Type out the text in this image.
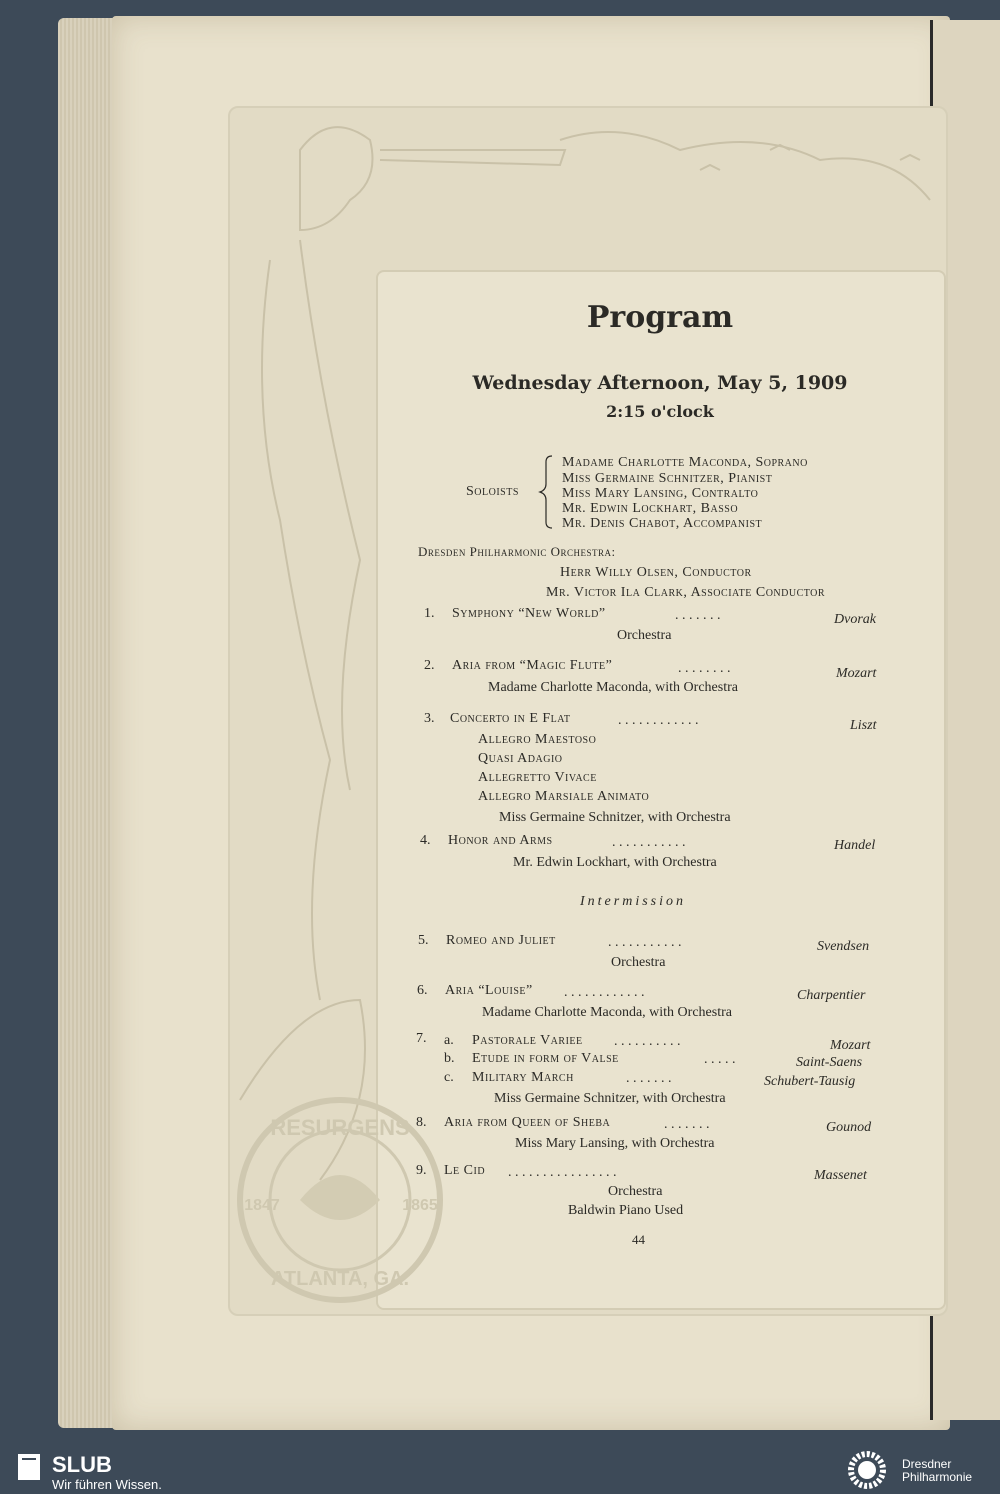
RESURGENS
ATLANTA, GA.
1847	1865
Program
Wednesday Afternoon, May 5, 1909
2:15 o'clock
Soloists
Madame Charlotte Maconda, Soprano
Miss Germaine Schnitzer, Pianist
Miss Mary Lansing, Contralto
Mr. Edwin Lockhart, Basso
Mr. Denis Chabot, Accompanist
Dresden Philharmonic Orchestra:
Herr Willy Olsen, Conductor
Mr. Victor Ila Clark, Associate Conductor
1. Symphony “New World”	. . . . . . .	Dvorak
Orchestra
2. Aria from “Magic Flute”	. . . . . . . .	Mozart
Madame Charlotte Maconda, with Orchestra
3. Concerto in E Flat	. . . . . . . . . . . .	Liszt
Allegro Maestoso
Quasi Adagio
Allegretto Vivace
Allegro Marsiale Animato
Miss Germaine Schnitzer, with Orchestra
4. Honor and Arms	. . . . . . . . . . .	Handel
Mr. Edwin Lockhart, with Orchestra
Intermission
5. Romeo and Juliet	. . . . . . . . . . .	Svendsen
Orchestra
6. Aria “Louise” . . . . . . . . . . . .	Charpentier
Madame Charlotte Maconda, with Orchestra
7. a. Pastorale Variee . . . . . . . . . .	Mozart
b. Etude in form of Valse	. . . . .	Saint-Saens
c. Military March	. . . . . . .	Schubert-Tausig
Miss Germaine Schnitzer, with Orchestra
8. Aria from Queen of Sheba	. . . . . . .	Gounod
Miss Mary Lansing, with Orchestra
9. Le Cid . . . . . . . . . . . . . . . .	Massenet
Orchestra
Baldwin Piano Used
44
SLUB
Wir führen Wissen.
Dresdner
Philharmonie
